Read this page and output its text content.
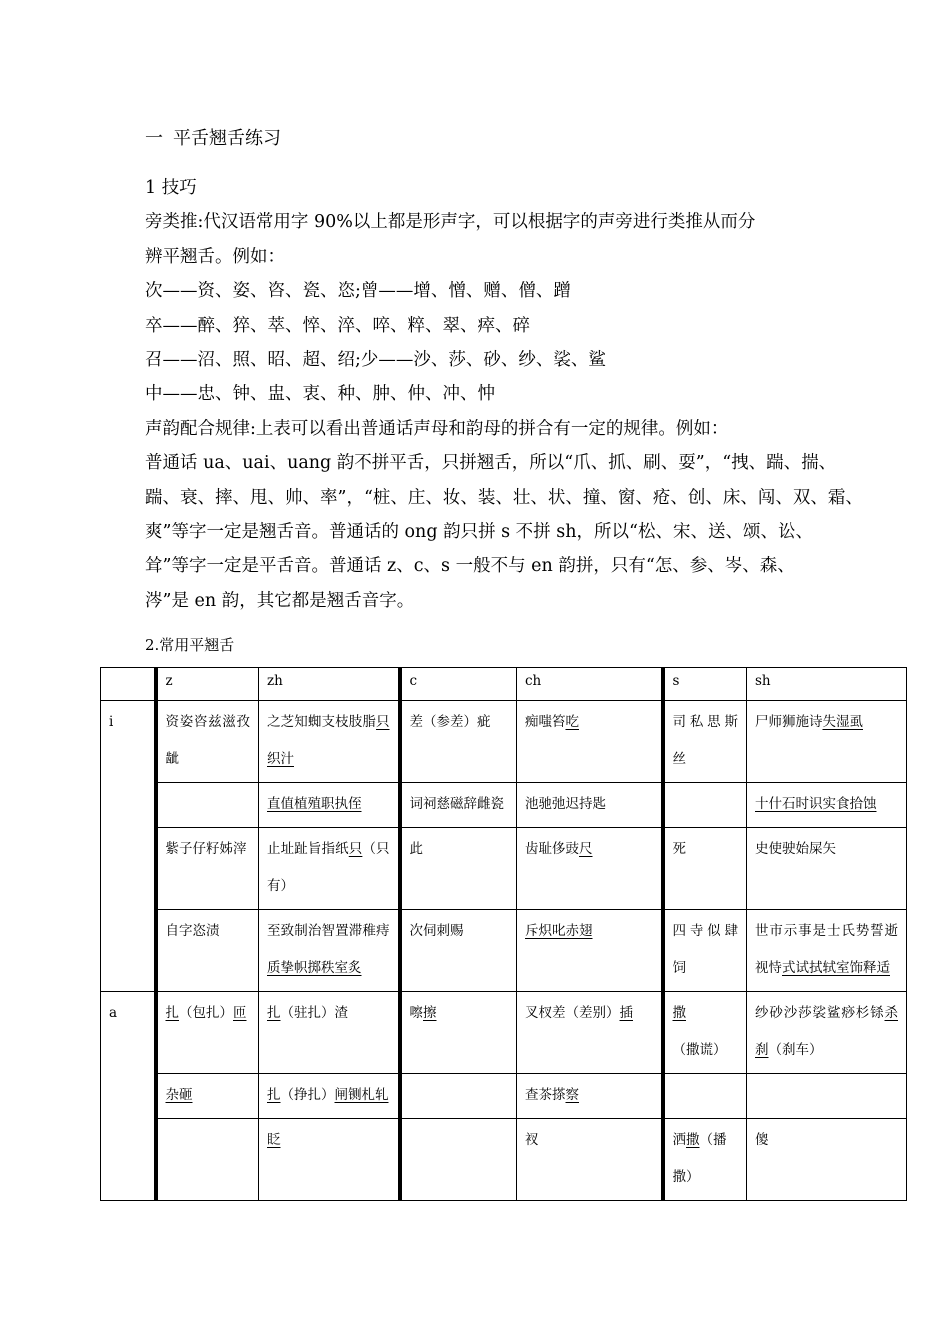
一 平舌翘舌练习

1 技巧

旁类推:代汉语常用字 90%以上都是形声字，可以根据字的声旁进行类推从而分

辨平翘舌。例如：

次——资、姿、咨、瓷、恣;曾——增、憎、赠、僧、蹭

卒——醉、猝、萃、悴、淬、啐、粹、翠、瘁、碎

召——沼、照、昭、超、绍;少——沙、莎、砂、纱、裟、鲨

中——忠、钟、盅、衷、种、肿、仲、冲、忡

声韵配合规律:上表可以看出普通话声母和韵母的拼合有一定的规律。例如：

普通话 ua、uai、uang 韵不拼平舌，只拼翘舌，所以“爪、抓、刷、耍”，“拽、踹、揣、

踹、衰、摔、甩、帅、率”，“桩、庄、妆、装、壮、状、撞、窗、疮、创、床、闯、双、霜、

爽”等字一定是翘舌音。普通话的 ong 韵只拼 s 不拼 sh，所以“松、宋、送、颂、讼、

耸”等字一定是平舌音。普通话 z、c、s 一般不与 en 韵拼，只有“怎、参、岑、森、

涔”是 en 韵，其它都是翘舌音字。

2.常用平翘舌
	z	zh	c	ch	s	sh
i	资姿咨兹滋孜龇	之芝知蜘支枝肢脂只织汁	差（参差）疵	痴嗤笞吃	司私思斯丝	尸师狮施诗失湿虱
		直值植殖职执侄	词祠慈磁辞雌瓷	池驰弛迟持匙		十什石时识实食拾蚀
	紫子仔籽姊滓	止址趾旨指纸只（只有）	此	齿耻侈豉尺	死	史使驶始屎矢
	自字恣渍	至致制治智置滞稚痔 质挚帜掷秩室炙	次伺刺赐	斥炽叱赤翅	四寺似肆饲	世市示事是士氏势誓逝视恃式试拭轼室饰释适
a	扎（包扎）匝	扎（驻扎）渣	嚓擦	叉杈差（差别）插	撒（撒谎）	纱砂沙莎裟鲨痧杉铩杀刹（刹车）
	杂砸	扎（挣扎）闸铡札轧		查茶搽察		
		眨		衩	洒撒（播撒）	傻
